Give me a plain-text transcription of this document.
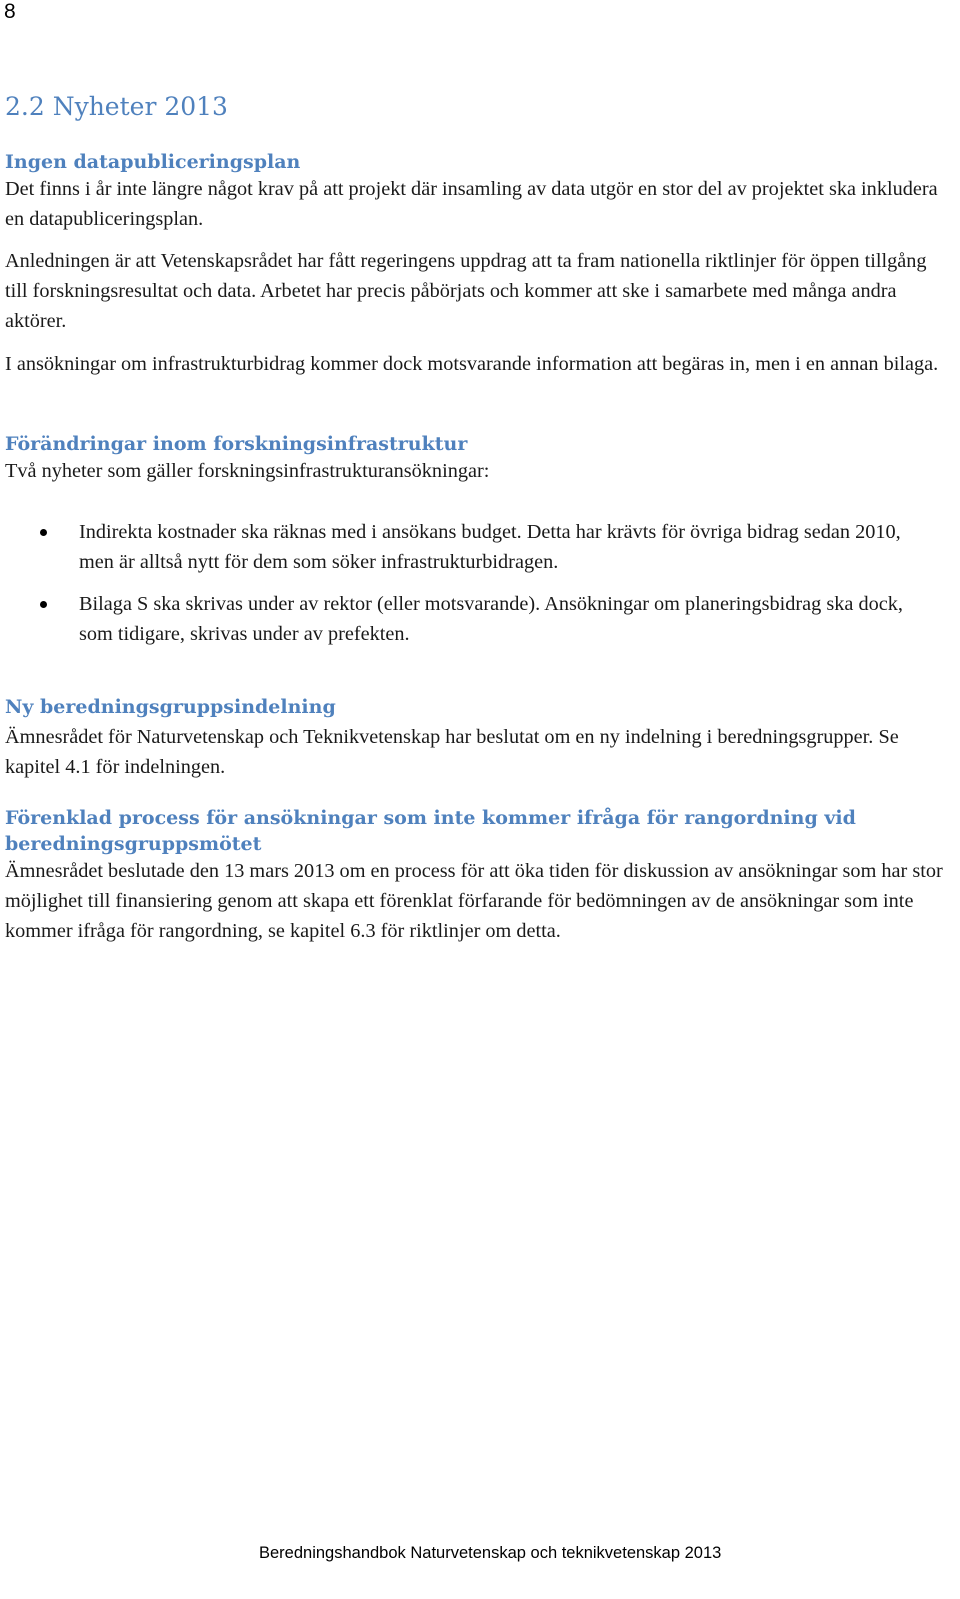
8
2.2 Nyheter 2013
Ingen datapubliceringsplan

Det finns i år inte längre något krav på att projekt där insamling av data utgör en stor del av projektet ska inkludera en datapubliceringsplan.

Anledningen är att Vetenskapsrådet har fått regeringens uppdrag att ta fram nationella riktlinjer för öppen tillgång till forskningsresultat och data. Arbetet har precis påbörjats och kommer att ske i samarbete med många andra aktörer.

I ansökningar om infrastrukturbidrag kommer dock motsvarande information att begäras in, men i en annan bilaga.

Förändringar inom forskningsinfrastruktur

Två nyheter som gäller forskningsinfrastrukturansökningar:

Indirekta kostnader ska räknas med i ansökans budget. Detta har krävts för övriga bidrag sedan 2010, men är alltså nytt för dem som söker infrastrukturbidragen.
Bilaga S ska skrivas under av rektor (eller motsvarande). Ansökningar om planeringsbidrag ska dock, som tidigare, skrivas under av prefekten.
Ny beredningsgruppsindelning

Ämnesrådet för Naturvetenskap och Teknikvetenskap har beslutat om en ny indelning i beredningsgrupper. Se kapitel 4.1 för indelningen.

Förenklad process för ansökningar som inte kommer ifråga för rangordning vid beredningsgruppsmötet

Ämnesrådet beslutade den 13 mars 2013 om en process för att öka tiden för diskussion av ansökningar som har stor möjlighet till finansiering genom att skapa ett förenklat förfarande för bedömningen av de ansökningar som inte kommer ifråga för rangordning, se kapitel 6.3 för riktlinjer om detta.

Beredningshandbok Naturvetenskap och teknikvetenskap 2013
